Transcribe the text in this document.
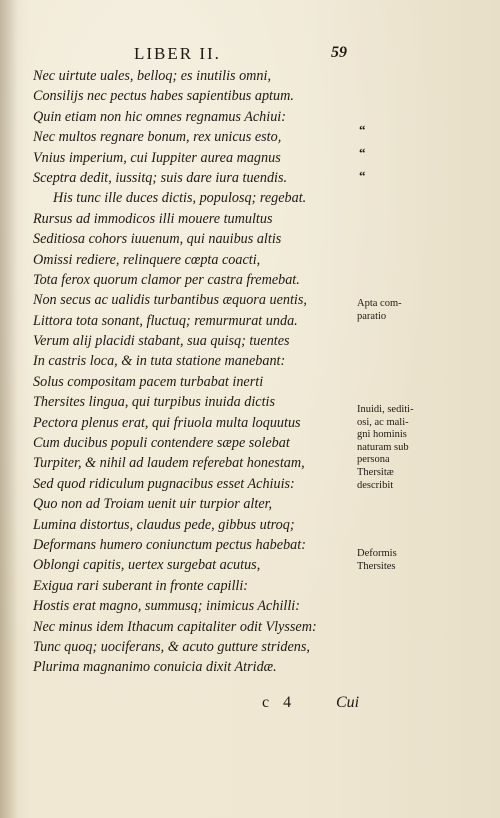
LIBER II.	59
Nec uirtute uales, belloq; es inutilis omni,
Consilijs nec pectus habes sapientibus aptum.
Quin etiam non hic omnes regnamus Achiui:
Nec multos regnare bonum, rex unicus esto,
Vnius imperium, cui Iuppiter aurea magnus
Sceptra dedit, iussitq; suis dare iura tuendis.
His tunc ille duces dictis, populosq; regebat.
Rursus ad immodicos illi mouere tumultus
Seditiosa cohors iuuenum, qui nauibus altis
Omissi rediere, relinquere cœpta coacti,
Tota ferox quorum clamor per castra fremebat.
Non secus ac ualidis turbantibus æquora uentis,
Littora tota sonant, fluctuq; remurmurat unda.
Verum alij placidi stabant, sua quisq; tuentes
In castris loca, & in tuta statione manebant:
Solus compositam pacem turbabat inerti
Thersites lingua, qui turpibus inuida dictis
Pectora plenus erat, qui friuola multa loquutus
Cum ducibus populi contendere sæpe solebat
Turpiter, & nihil ad laudem referebat honestam,
Sed quod ridiculum pugnacibus esset Achiuis:
Quo non ad Troiam uenit uir turpior alter,
Lumina distortus, claudus pede, gibbus utroq;
Deformans humero coniunctum pectus habebat:
Oblongi capitis, uertex surgebat acutus,
Exigua rari suberant in fronte capilli:
Hostis erat magno, summusq; inimicus Achilli:
Nec minus idem Ithacum capitaliter odit Vlyssem:
Tunc quoq; uociferans, & acuto gutture stridens,
Plurima magnanimo conuicia dixit Atridæ.
“
“
“
Apta com-
paratio
Inuidi, sediti-
osi, ac mali-
gni hominis
naturam sub
persona
Thersitæ
describit
Deformis
Thersites
c 4 Cui
